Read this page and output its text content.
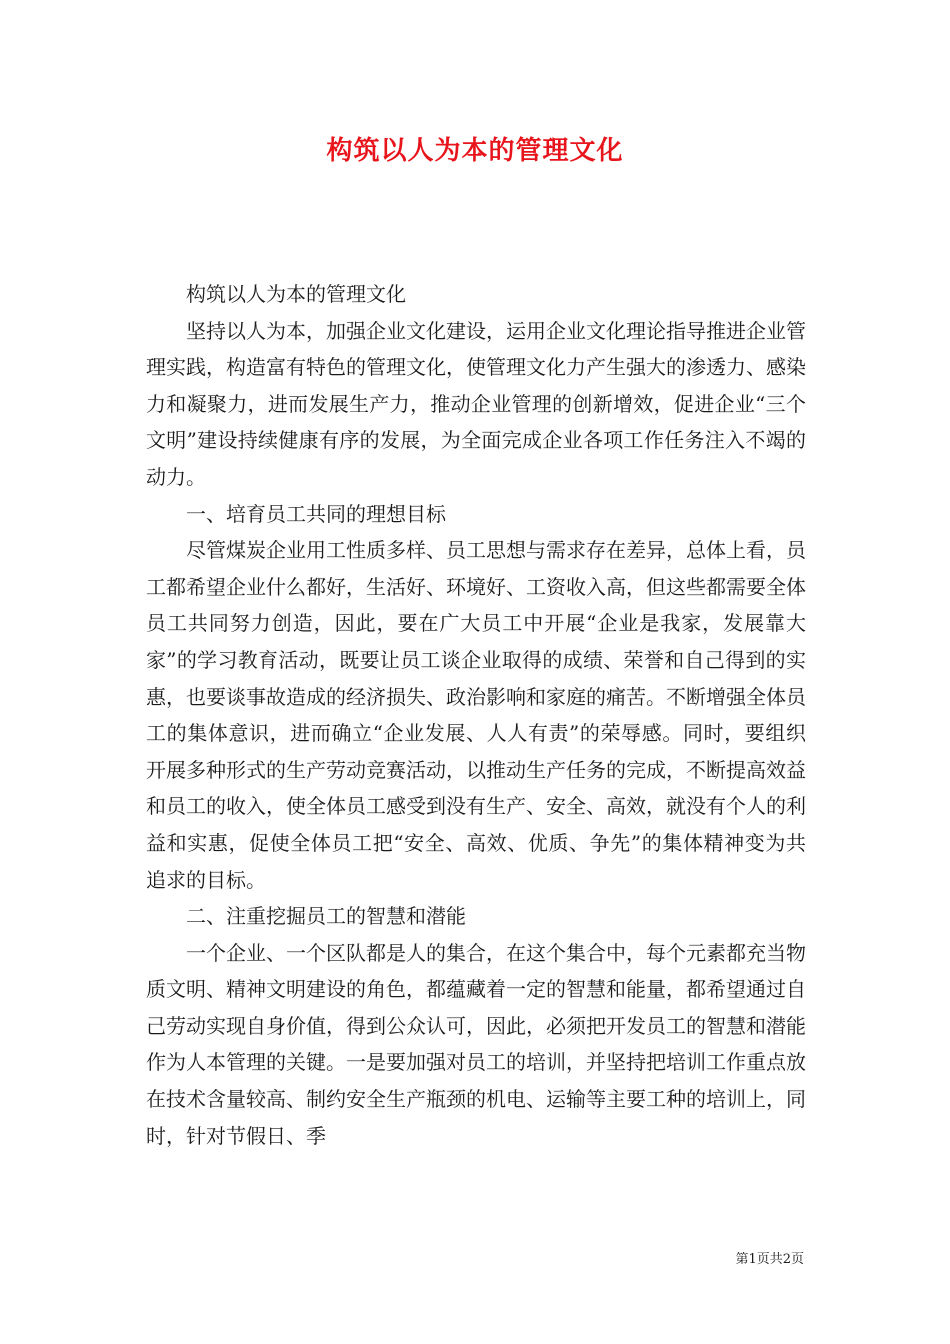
构筑以人为本的管理文化

构筑以人为本的管理文化

坚持以人为本，加强企业文化建设，运用企业文化理论指导推进企业管理实践，构造富有特色的管理文化，使管理文化力产生强大的渗透力、感染力和凝聚力，进而发展生产力，推动企业管理的创新增效，促进企业“三个文明”建设持续健康有序的发展，为全面完成企业各项工作任务注入不竭的动力。

一、培育员工共同的理想目标

尽管煤炭企业用工性质多样、员工思想与需求存在差异，总体上看，员工都希望企业什么都好，生活好、环境好、工资收入高，但这些都需要全体员工共同努力创造，因此，要在广大员工中开展“企业是我家，发展靠大家”的学习教育活动，既要让员工谈企业取得的成绩、荣誉和自己得到的实惠，也要谈事故造成的经济损失、政治影响和家庭的痛苦。不断增强全体员工的集体意识，进而确立“企业发展、人人有责”的荣辱感。同时，要组织开展多种形式的生产劳动竞赛活动，以推动生产任务的完成，不断提高效益和员工的收入，使全体员工感受到没有生产、安全、高效，就没有个人的利益和实惠，促使全体员工把“安全、高效、优质、争先”的集体精神变为共追求的目标。

二、注重挖掘员工的智慧和潜能

一个企业、一个区队都是人的集合，在这个集合中，每个元素都充当物质文明、精神文明建设的角色，都蕴藏着一定的智慧和能量，都希望通过自己劳动实现自身价值，得到公众认可，因此，必须把开发员工的智慧和潜能作为人本管理的关键。一是要加强对员工的培训，并坚持把培训工作重点放在技术含量较高、制约安全生产瓶颈的机电、运输等主要工种的培训上，同时，针对节假日、季

第1页共2页
